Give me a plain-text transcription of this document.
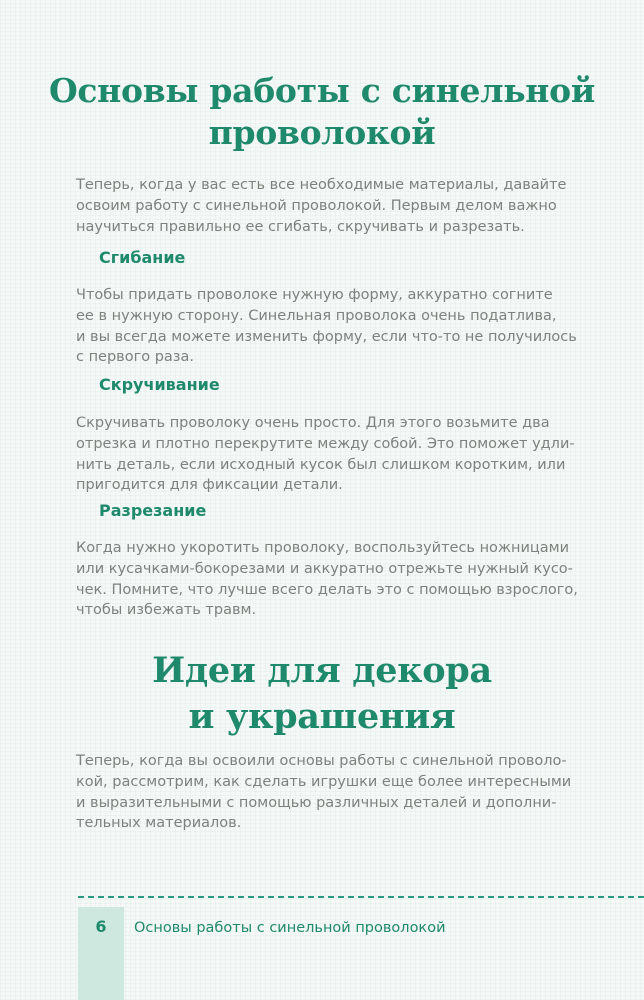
Основы работы с синельной
проволокой

Теперь, когда у вас есть все необходимые материалы, давайте
освоим работу с синельной проволокой. Первым делом важно
научиться правильно ее сгибать, скручивать и разрезать.

Сгибание

Чтобы придать проволоке нужную форму, аккуратно согните
ее в нужную сторону. Синельная проволока очень податлива,
и вы всегда можете изменить форму, если что-то не получилось
с первого раза.

Скручивание

Скручивать проволоку очень просто. Для этого возьмите два
отрезка и плотно перекрутите между собой. Это поможет удли-
нить деталь, если исходный кусок был слишком коротким, или
пригодится для фиксации детали.

Разрезание

Когда нужно укоротить проволоку, воспользуйтесь ножницами
или кусачками-бокорезами и аккуратно отрежьте нужный кусо-
чек. Помните, что лучше всего делать это с помощью взрослого,
чтобы избежать травм.

Идеи для декора
и украшения

Теперь, когда вы освоили основы работы с синельной проволо-
кой, рассмотрим, как сделать игрушки еще более интересными
и выразительными с помощью различных деталей и дополни-
тельных материалов.

6	Основы работы с синельной проволокой
